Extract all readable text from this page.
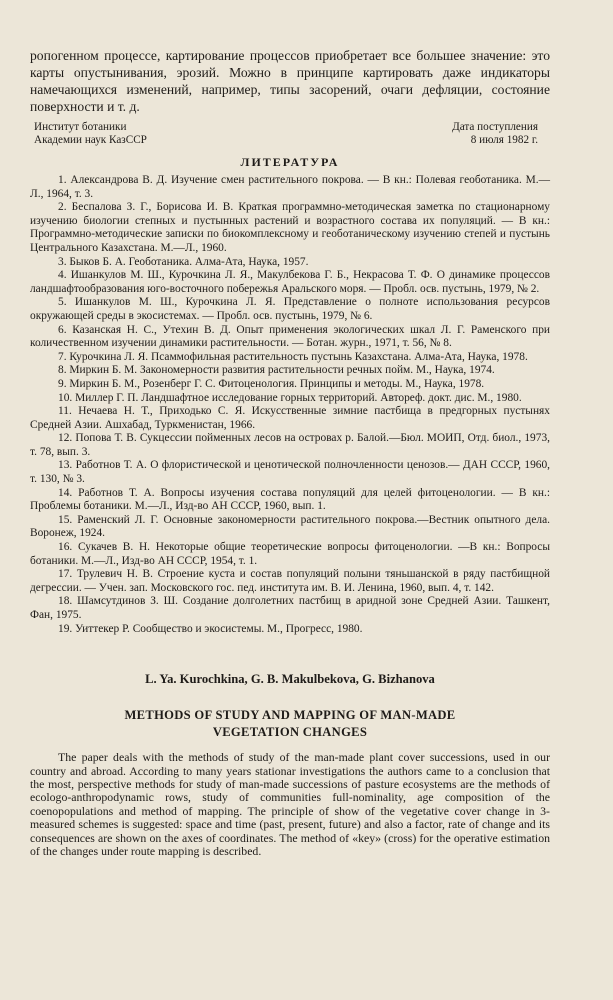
ропогенном процессе, картирование процессов приобретает все большее значение: это карты опустынивания, эрозий. Можно в принципе картировать даже индикаторы намечающихся изменений, например, типы засорений, очаги дефляции, состояние поверхности и т. д.

Институт ботаники
Академии наук КазССР
Дата поступления
8 июля 1982 г.
ЛИТЕРАТУРА

1. Александрова В. Д. Изучение смен растительного покрова. — В кн.: Полевая геоботаника. М.—Л., 1964, т. 3.

2. Беспалова З. Г., Борисова И. В. Краткая программно-методическая заметка по стационарному изучению биологии степных и пустынных растений и возрастного состава их популяций. — В кн.: Программно-методические записки по биокомплексному и геоботаническому изучению степей и пустынь Центрального Казахстана. М.—Л., 1960.

3. Быков Б. А. Геоботаника. Алма-Ата, Наука, 1957.

4. Ишанкулов М. Ш., Курочкина Л. Я., Макулбекова Г. Б., Некрасова Т. Ф. О динамике процессов ландшафтообразования юго-восточного побережья Аральского моря. — Пробл. осв. пустынь, 1979, № 2.

5. Ишанкулов М. Ш., Курочкина Л. Я. Представление о полноте использования ресурсов окружающей среды в экосистемах. — Пробл. осв. пустынь, 1979, № 6.

6. Казанская Н. С., Утехин В. Д. Опыт применения экологических шкал Л. Г. Раменского при количественном изучении динамики растительности. — Ботан. журн., 1971, т. 56, № 8.

7. Курочкина Л. Я. Псаммофильная растительность пустынь Казахстана. Алма-Ата, Наука, 1978.

8. Миркин Б. М. Закономерности развития растительности речных пойм. М., Наука, 1974.

9. Миркин Б. М., Розенберг Г. С. Фитоценология. Принципы и методы. М., Наука, 1978.

10. Миллер Г. П. Ландшафтное исследование горных территорий. Автореф. докт. дис. М., 1980.

11. Нечаева Н. Т., Приходько С. Я. Искусственные зимние пастбища в предгорных пустынях Средней Азии. Ашхабад, Туркменистан, 1966.

12. Попова Т. В. Сукцессии пойменных лесов на островах р. Балой.—Бюл. МОИП, Отд. биол., 1973, т. 78, вып. 3.

13. Работнов Т. А. О флористической и ценотической полночленности ценозов.— ДАН СССР, 1960, т. 130, № 3.

14. Работнов Т. А. Вопросы изучения состава популяций для целей фитоценологии. — В кн.: Проблемы ботаники. М.—Л., Изд-во АН СССР, 1960, вып. 1.

15. Раменский Л. Г. Основные закономерности растительного покрова.—Вестник опытного дела. Воронеж, 1924.

16. Сукачев В. Н. Некоторые общие теоретические вопросы фитоценологии. —В кн.: Вопросы ботаники. М.—Л., Изд-во АН СССР, 1954, т. 1.

17. Трулевич Н. В. Строение куста и состав популяций полыни тяньшанской в ряду пастбищной дегрессии. — Учен. зап. Московского гос. пед. института им. В. И. Ленина, 1960, вып. 4, т. 142.

18. Шамсутдинов З. Ш. Создание долголетних пастбищ в аридной зоне Средней Азии. Ташкент, Фан, 1975.

19. Уиттекер Р. Сообщество и экосистемы. М., Прогресс, 1980.

L. Ya. Kurochkina, G. B. Makulbekova, G. Bizhanova
METHODS OF STUDY AND MAPPING OF MAN-MADE
VEGETATION CHANGES

The paper deals with the methods of study of the man-made plant cover successions, used in our country and abroad. According to many years stationar investigations the authors came to a conclusion that the most, perspective methods for study of man-made successions of pasture ecosystems are the methods of ecologo-anthropodynamic rows, study of communities full-nominality, age composition of the coenopopulations and method of mapping. The principle of show of the vegetative cover change in 3-measured schemes is suggested: space and time (past, present, future) and also a factor, rate of change and its consequences are shown on the axes of coordinates. The method of «key» (cross) for the operative estimation of the changes under route mapping is described.
